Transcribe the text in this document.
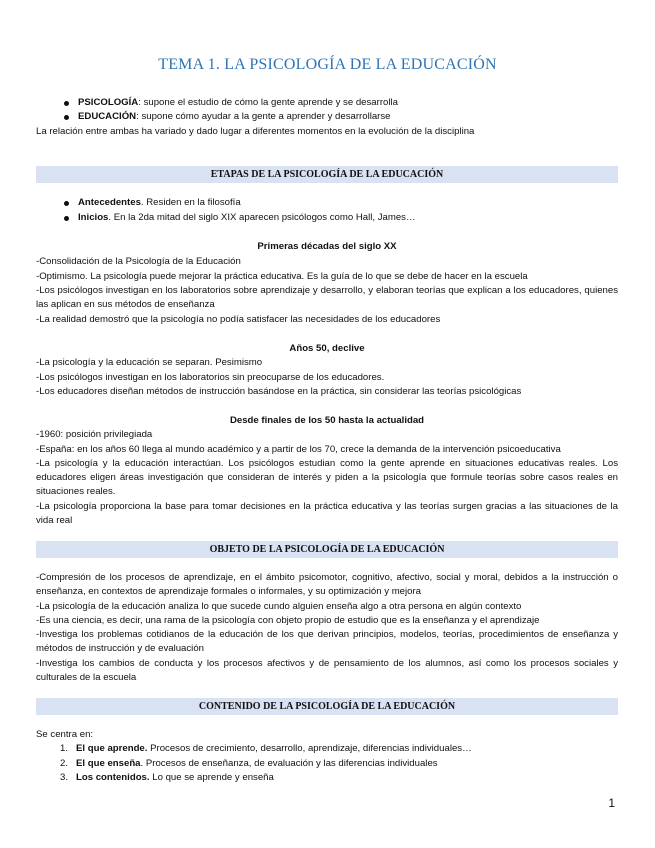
TEMA 1. LA PSICOLOGÍA DE LA EDUCACIÓN
PSICOLOGÍA: supone el estudio de cómo la gente aprende y se desarrolla
EDUCACIÓN: supone cómo ayudar a la gente a aprender y desarrollarse
La relación entre ambas ha variado y dado lugar a diferentes momentos en la evolución de la disciplina
ETAPAS DE LA PSICOLOGÍA DE LA EDUCACIÓN
Antecedentes. Residen en la filosofía
Inicios. En la 2da mitad del siglo XIX aparecen psicólogos como Hall, James…
Primeras décadas del siglo XX
-Consolidación de la Psicología de la Educación
-Optimismo. La psicología puede mejorar la práctica educativa. Es la guía de lo que se debe de hacer en la escuela
-Los psicólogos investigan en los laboratorios sobre aprendizaje y desarrollo, y elaboran teorías que explican a los educadores, quienes las aplican en sus métodos de enseñanza
-La realidad demostró que la psicología no podía satisfacer las necesidades de los educadores
Años 50, declive
-La psicología y la educación se separan. Pesimismo
-Los psicólogos investigan en los laboratorios sin preocuparse de los educadores.
-Los educadores diseñan métodos de instrucción basándose en la práctica, sin considerar las teorías psicológicas
Desde finales de los 50 hasta la actualidad
-1960: posición privilegiada
-España: en los años 60 llega al mundo académico y a partir de los 70, crece la demanda de la intervención psicoeducativa
-La psicología y la educación interactúan. Los psicólogos estudian como la gente aprende en situaciones educativas reales. Los educadores eligen áreas investigación que consideran de interés y piden a la psicología que formule teorías sobre casos reales en situaciones reales.
-La psicología proporciona la base para tomar decisiones en la práctica educativa y las teorías surgen gracias a las situaciones de la vida real
OBJETO DE LA PSICOLOGÍA DE LA EDUCACIÓN
-Compresión de los procesos de aprendizaje, en el ámbito psicomotor, cognitivo, afectivo, social y moral, debidos a la instrucción o enseñanza, en contextos de aprendizaje formales o informales, y su optimización y mejora
-La psicología de la educación analiza lo que sucede cundo alguien enseña algo a otra persona en algún contexto
-Es una ciencia, es decir, una rama de la psicología con objeto propio de estudio que es la enseñanza y el aprendizaje
-Investiga los problemas cotidianos de la educación de los que derivan principios, modelos, teorías, procedimientos de enseñanza y métodos de instrucción y de evaluación
-Investiga los cambios de conducta y los procesos afectivos y de pensamiento de los alumnos, así como los procesos sociales y culturales de la escuela
CONTENIDO DE LA PSICOLOGÍA DE LA EDUCACIÓN
Se centra en:
1. El que aprende. Procesos de crecimiento, desarrollo, aprendizaje, diferencias individuales…
2. El que enseña. Procesos de enseñanza, de evaluación y las diferencias individuales
3. Los contenidos. Lo que se aprende y enseña
1
